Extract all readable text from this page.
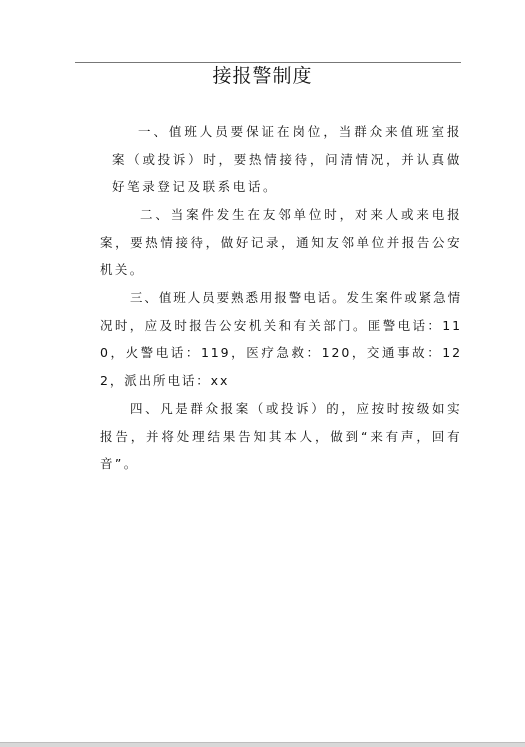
接报警制度

一、值班人员要保证在岗位，当群众来值班室报案（或投诉）时，要热情接待，问清情况，并认真做好笔录登记及联系电话。

二、当案件发生在友邻单位时，对来人或来电报案，要热情接待，做好记录，通知友邻单位并报告公安机关。

三、值班人员要熟悉用报警电话。发生案件或紧急情况时，应及时报告公安机关和有关部门。匪警电话：110，火警电话：119，医疗急救：120，交通事故：122，派出所电话：xx

四、凡是群众报案（或投诉）的，应按时按级如实报告，并将处理结果告知其本人，做到“来有声，回有音”。
